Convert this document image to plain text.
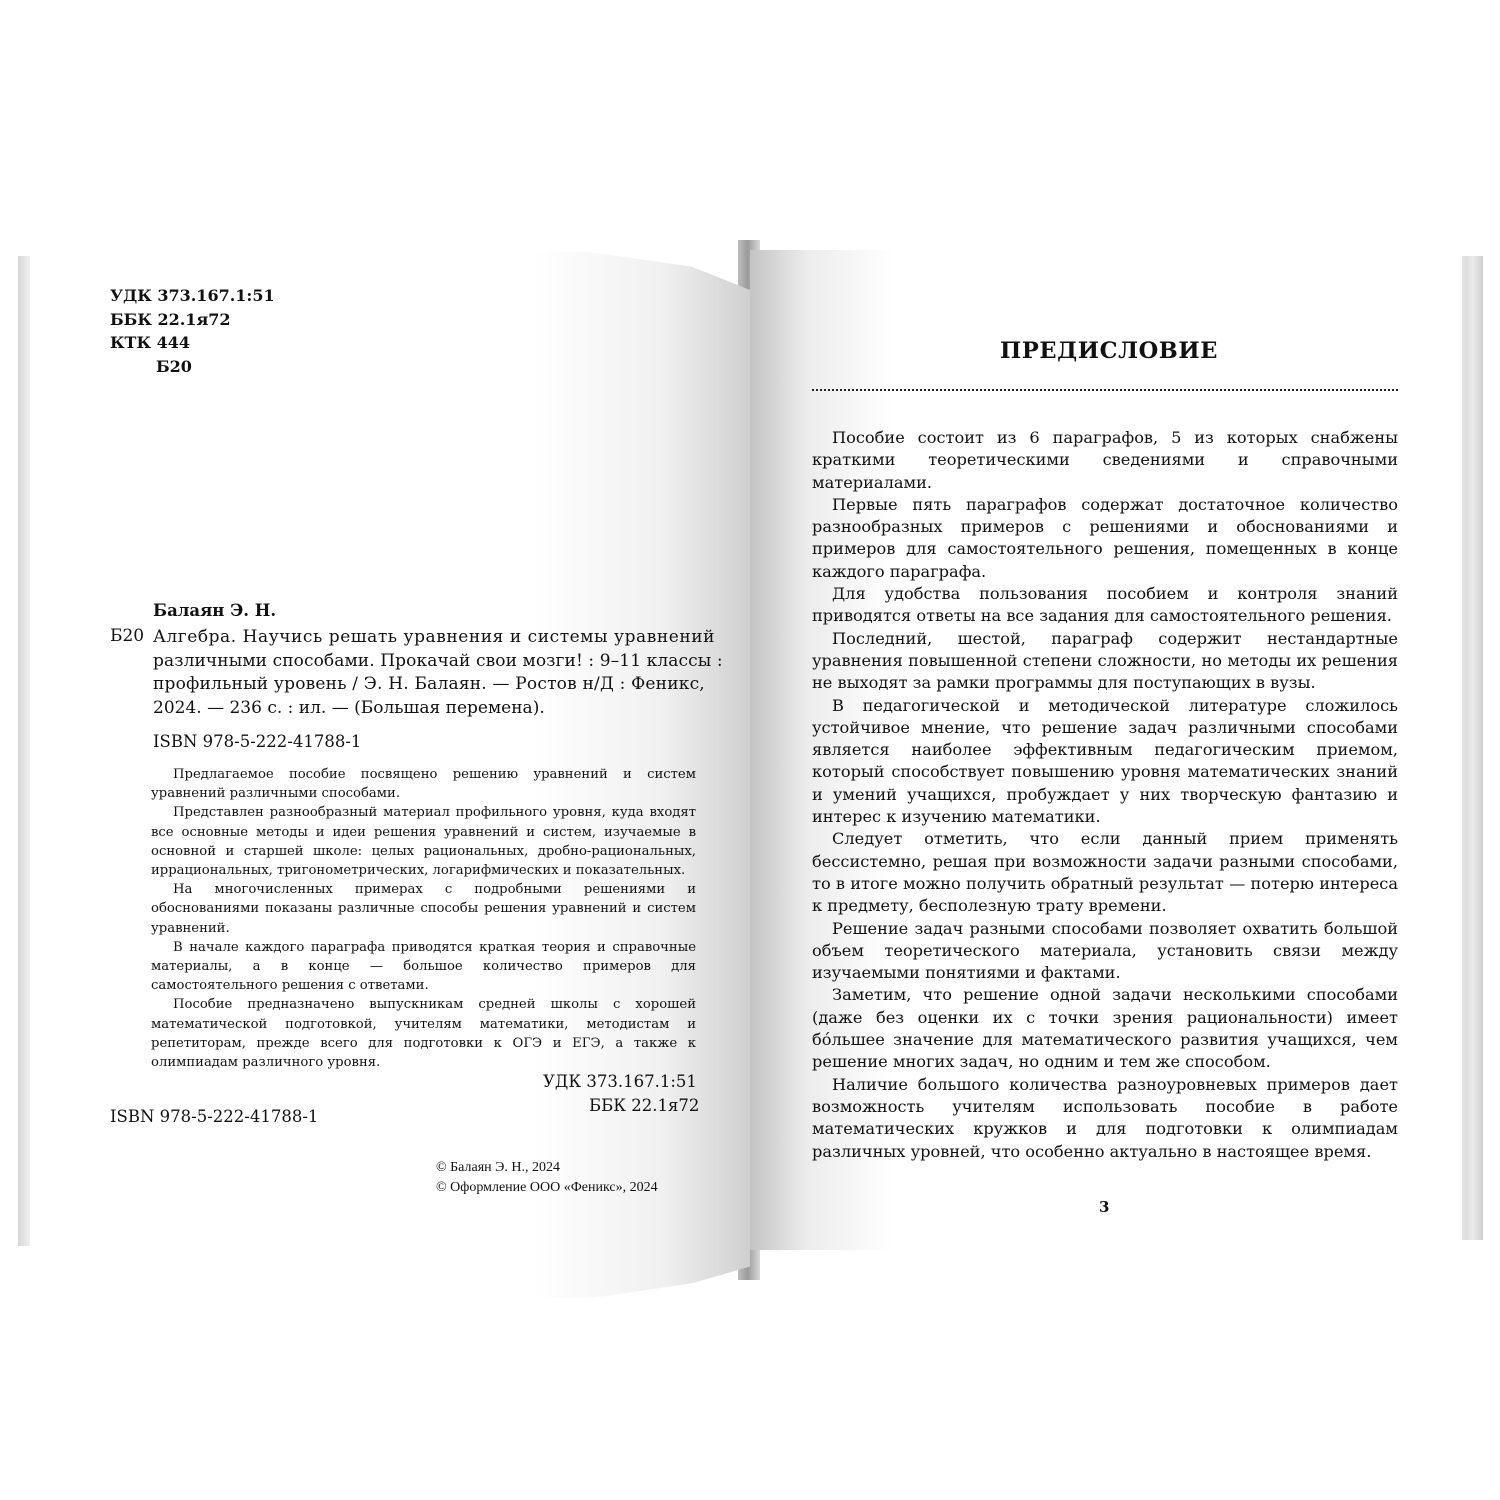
УДК 373.167.1:51
ББК 22.1я72
КТК 444
Б20
Балаян Э. Н.
Б20 Алгебра. Научись решать уравнения и системы уравнений
различными способами. Прокачай свои мозги! : 9–11 классы :
профильный уровень / Э. Н. Балаян. — Ростов н/Д : Феникс,
2024. — 236 с. : ил. — (Большая перемена).
ISBN 978-5-222-41788-1

Предлагаемое пособие посвящено решению уравнений и систем уравнений различными способами.

Представлен разнообразный материал профильного уровня, куда входят все основные методы и идеи решения уравнений и систем, изучаемые в основной и старшей школе: целых рациональных, дробно-рациональных, иррациональных, тригонометрических, логарифмических и показательных.

На многочисленных примерах с подробными решениями и обоснованиями показаны различные способы решения уравнений и систем уравнений.

В начале каждого параграфа приводятся краткая теория и справочные материалы, а в конце — большое количество примеров для самостоятельного решения с ответами.

Пособие предназначено выпускникам средней школы с хорошей математической подготовкой, учителям математики, методистам и репетиторам, прежде всего для подготовки к ОГЭ и ЕГЭ, а также к олимпиадам различного уровня.

УДК 373.167.1:51
ББК 22.1я72
ISBN 978-5-222-41788-1
© Балаян Э. Н., 2024
© Оформление ООО «Феникс», 2024
ПРЕДИСЛОВИЕ

Пособие состоит из 6 параграфов, 5 из которых снабжены краткими теоретическими сведениями и справочными материалами.

Первые пять параграфов содержат достаточное количество разнообразных примеров с решениями и обоснованиями и примеров для самостоятельного решения, помещенных в конце каждого параграфа.

Для удобства пользования пособием и контроля знаний приводятся ответы на все задания для самостоятельного решения.

Последний, шестой, параграф содержит нестандартные уравнения повышенной степени сложности, но методы их решения не выходят за рамки программы для поступающих в вузы.

В педагогической и методической литературе сложилось устойчивое мнение, что решение задач различными способами является наиболее эффективным педагогическим приемом, который способствует повышению уровня математических знаний и умений учащихся, пробуждает у них творческую фантазию и интерес к изучению математики.

Следует отметить, что если данный прием применять бессистемно, решая при возможности задачи разными способами, то в итоге можно получить обратный результат — потерю интереса к предмету, бесполезную трату времени.

Решение задач разными способами позволяет охватить большой объем теоретического материала, установить связи между изучаемыми понятиями и фактами.

Заметим, что решение одной задачи несколькими способами (даже без оценки их с точки зрения рациональности) имеет бóльшее значение для математического развития учащихся, чем решение многих задач, но одним и тем же способом.

Наличие большого количества разноуровневых примеров дает возможность учителям использовать пособие в работе математических кружков и для подготовки к олимпиадам различных уровней, что особенно актуально в настоящее время.

3
